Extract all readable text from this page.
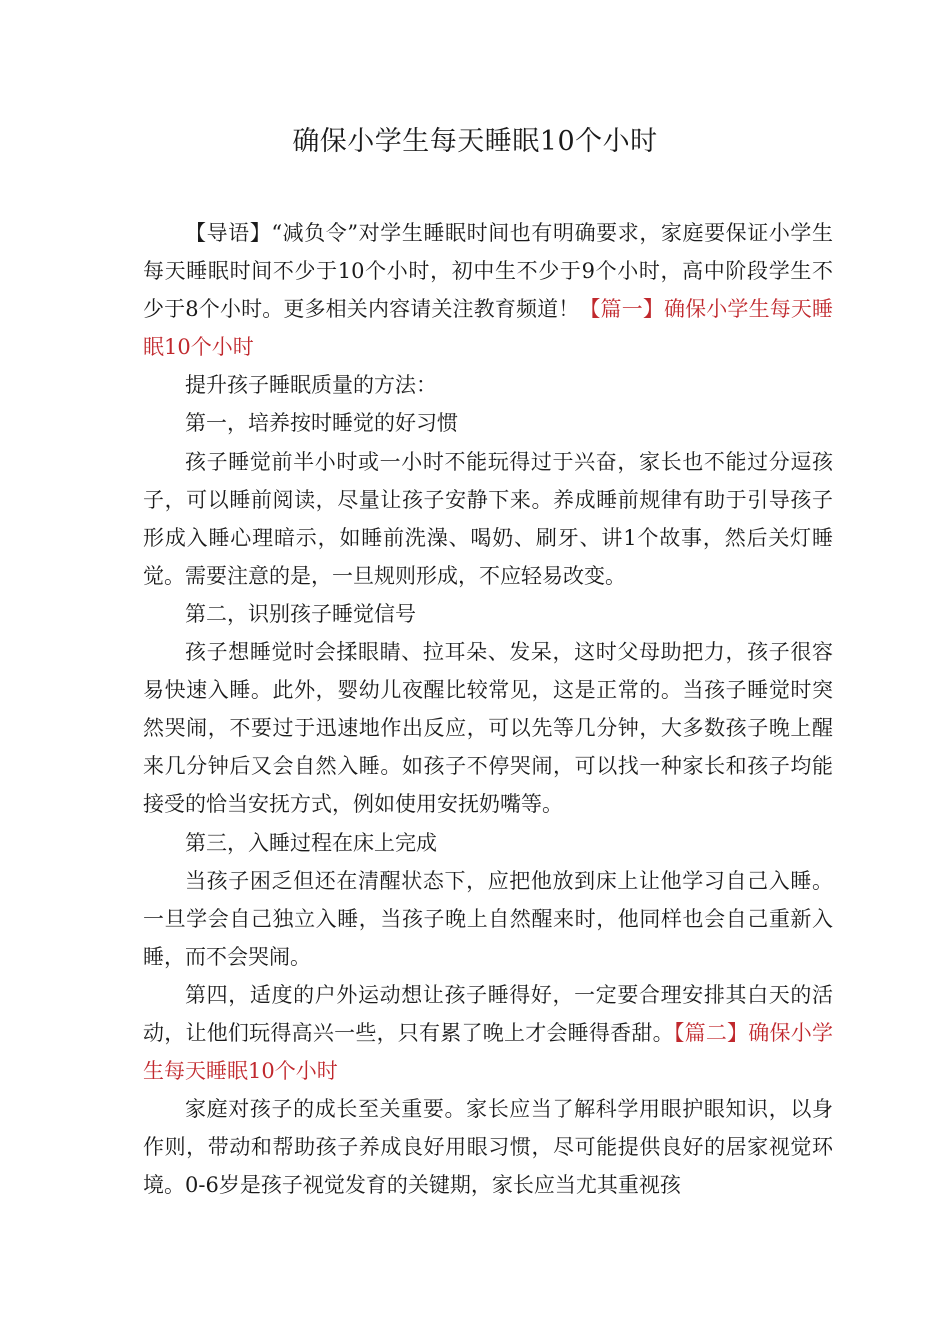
确保小学生每天睡眠10个小时

【导语】“减负令”对学生睡眠时间也有明确要求，家庭要保证小学生每天睡眠时间不少于10个小时，初中生不少于9个小时，高中阶段学生不少于8个小时。更多相关内容请关注教育频道！【篇一】确保小学生每天睡眠10个小时

提升孩子睡眠质量的方法：

第一，培养按时睡觉的好习惯

孩子睡觉前半小时或一小时不能玩得过于兴奋，家长也不能过分逗孩子，可以睡前阅读，尽量让孩子安静下来。养成睡前规律有助于引导孩子形成入睡心理暗示，如睡前洗澡、喝奶、刷牙、讲1个故事，然后关灯睡觉。需要注意的是，一旦规则形成，不应轻易改变。

第二，识别孩子睡觉信号

孩子想睡觉时会揉眼睛、拉耳朵、发呆，这时父母助把力，孩子很容易快速入睡。此外，婴幼儿夜醒比较常见，这是正常的。当孩子睡觉时突然哭闹，不要过于迅速地作出反应，可以先等几分钟，大多数孩子晚上醒来几分钟后又会自然入睡。如孩子不停哭闹，可以找一种家长和孩子均能接受的恰当安抚方式，例如使用安抚奶嘴等。

第三，入睡过程在床上完成

当孩子困乏但还在清醒状态下，应把他放到床上让他学习自己入睡。一旦学会自己独立入睡，当孩子晚上自然醒来时，他同样也会自己重新入睡，而不会哭闹。

第四，适度的户外运动想让孩子睡得好，一定要合理安排其白天的活动，让他们玩得高兴一些，只有累了晚上才会睡得香甜。【篇二】确保小学生每天睡眠10个小时

家庭对孩子的成长至关重要。家长应当了解科学用眼护眼知识，以身作则，带动和帮助孩子养成良好用眼习惯，尽可能提供良好的居家视觉环境。0-6岁是孩子视觉发育的关键期，家长应当尤其重视孩
